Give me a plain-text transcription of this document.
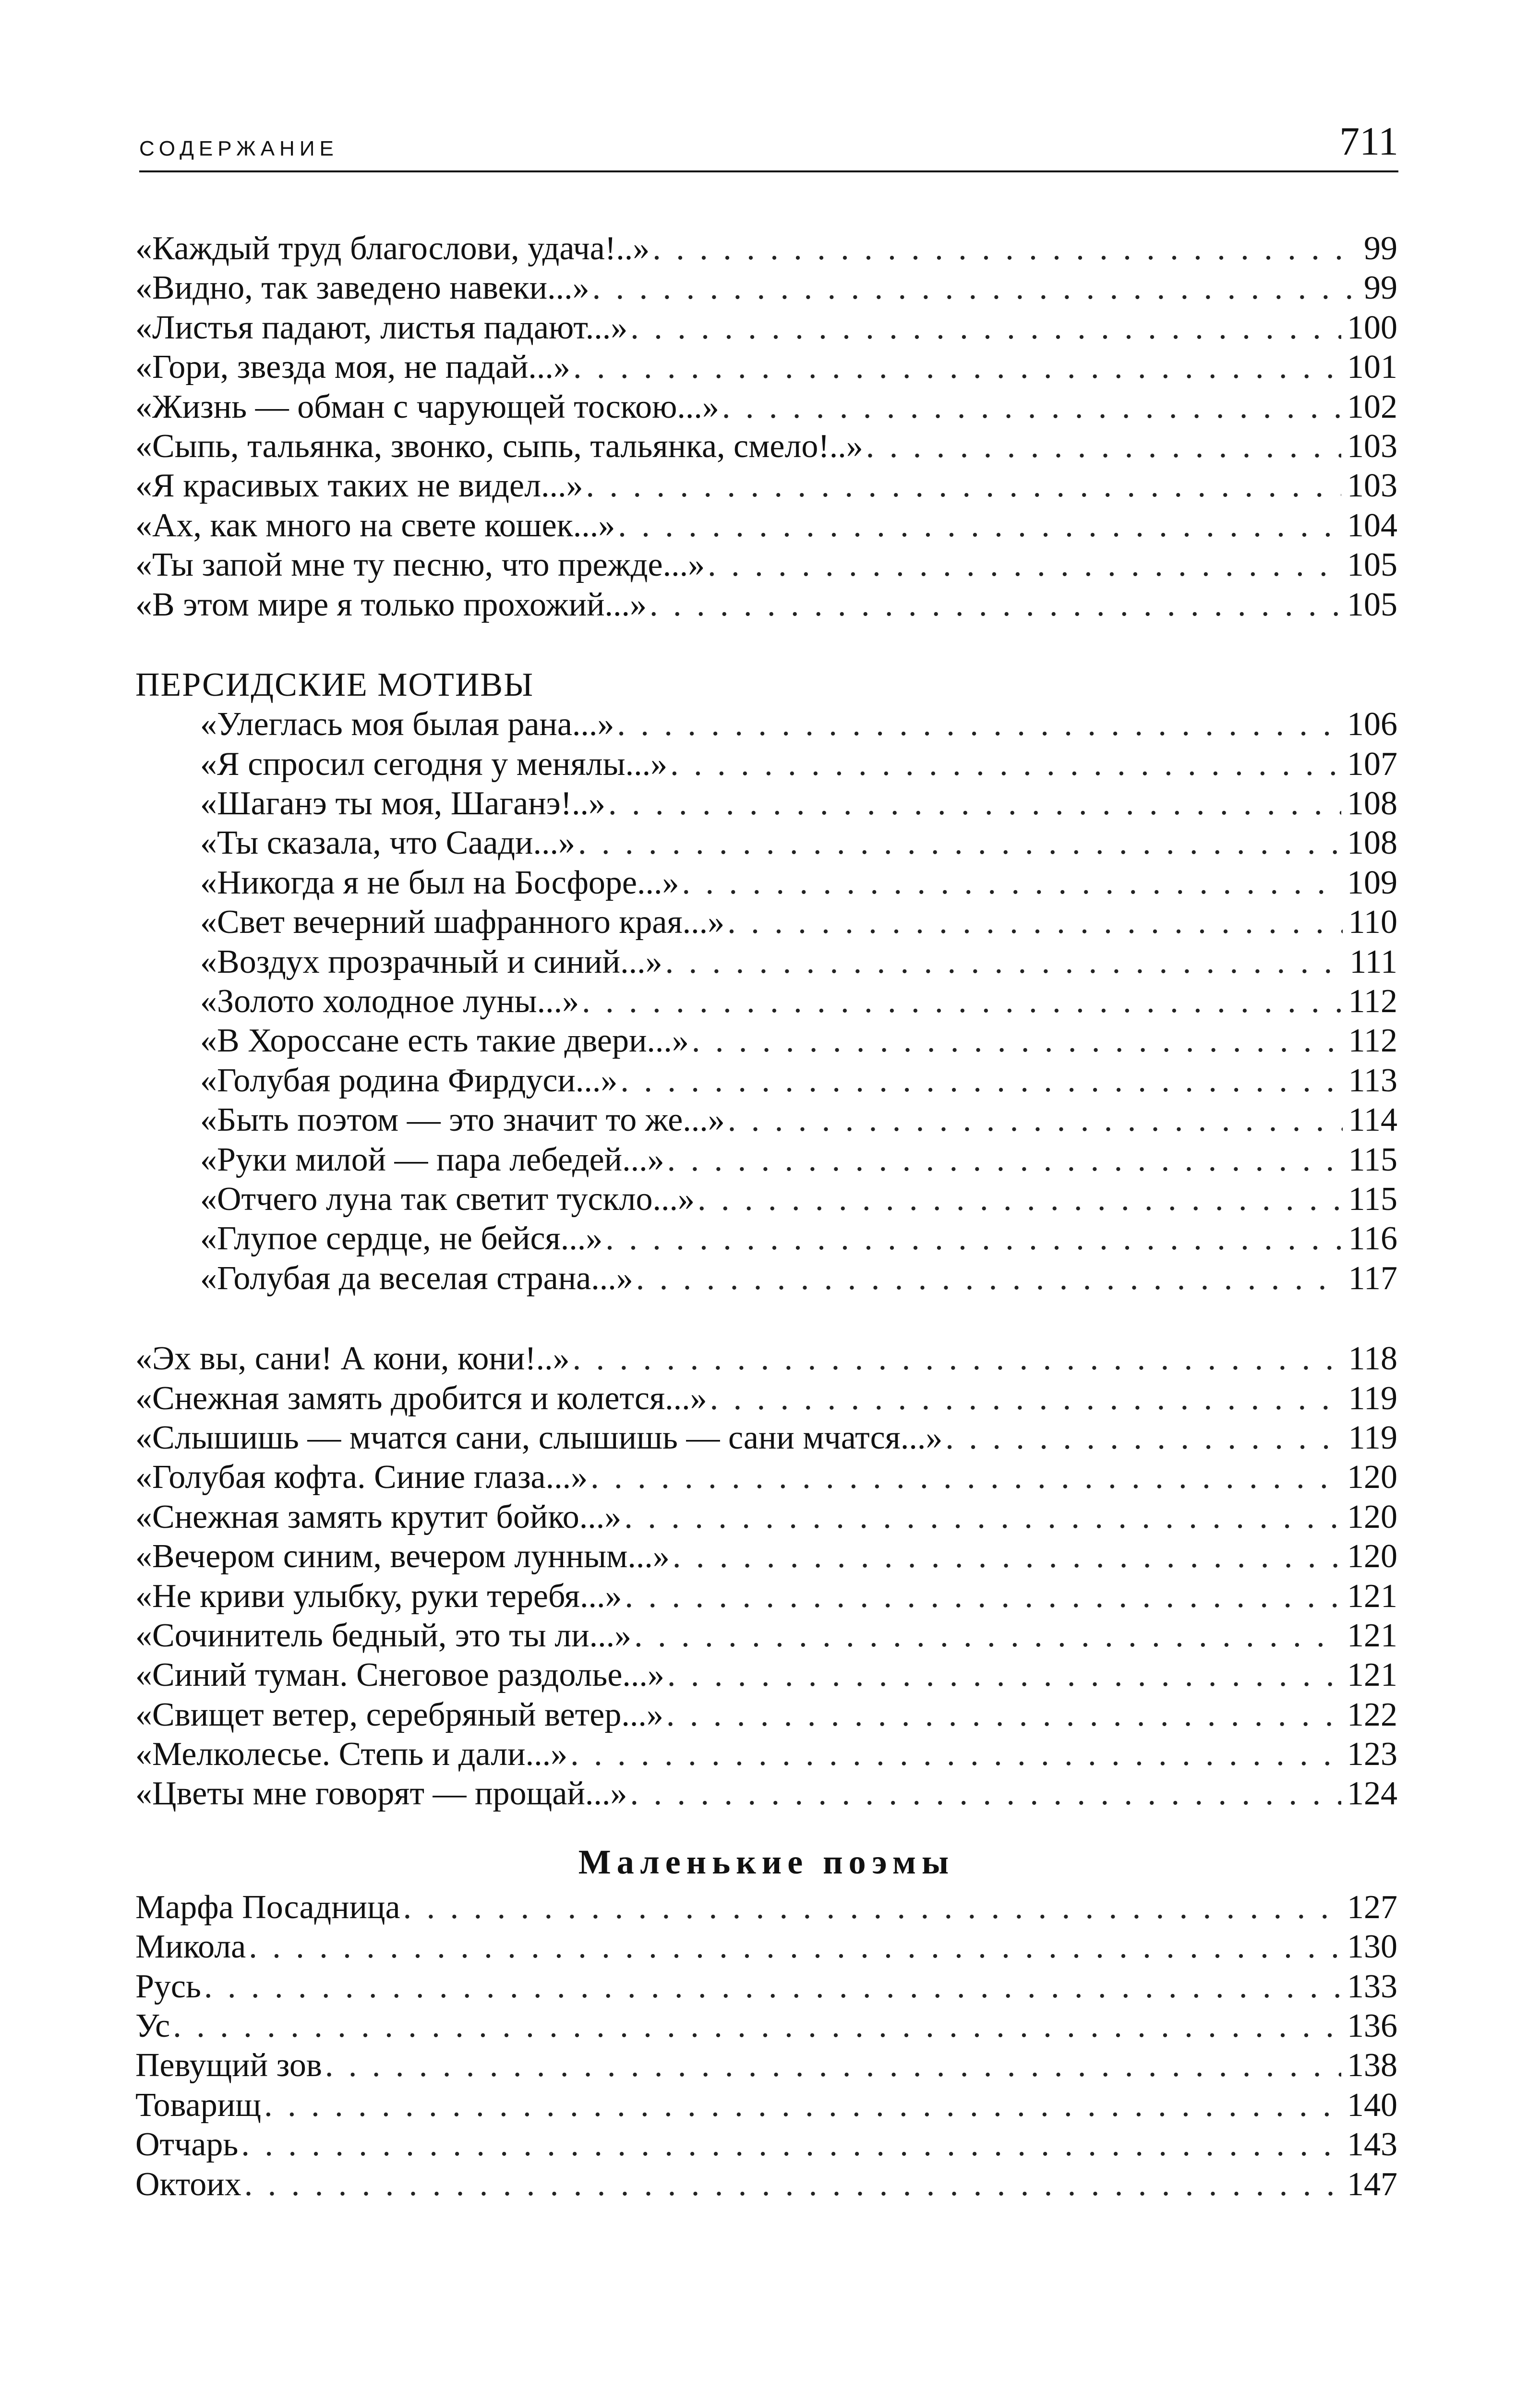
СОДЕРЖАНИЕ	711
«Каждый труд благослови, удача!..» . . .	99
«Видно, так заведено навеки...» . . .	99
«Листья падают, листья падают...» . . .	100
«Гори, звезда моя, не падай...» . . .	101
«Жизнь — обман с чарующей тоскою...» . . .	102
«Сыпь, тальянка, звонко, сыпь, тальянка, смело!..» . . .	103
«Я красивых таких не видел...» . . .	103
«Ах, как много на свете кошек...» . . .	104
«Ты запой мне ту песню, что прежде...» . . .	105
«В этом мире я только прохожий...» . . .	105
ПЕРСИДСКИЕ МОТИВЫ
«Улеглась моя былая рана...» . . .	106
«Я спросил сегодня у менялы...» . . .	107
«Шаганэ ты моя, Шаганэ!..» . . .	108
«Ты сказала, что Саади...» . . .	108
«Никогда я не был на Босфоре...» . . .	109
«Свет вечерний шафранного края...» . . .	110
«Воздух прозрачный и синий...» . . .	111
«Золото холодное луны...» . . .	112
«В Хороссане есть такие двери...» . . .	112
«Голубая родина Фирдуси...» . . .	113
«Быть поэтом — это значит то же...» . . .	114
«Руки милой — пара лебедей...» . . .	115
«Отчего луна так светит тускло...» . . .	115
«Глупое сердце, не бейся...» . . .	116
«Голубая да веселая страна...» . . .	117
«Эх вы, сани! А кони, кони!..» . . .	118
«Снежная замять дробится и колется...» . . .	119
«Слышишь — мчатся сани, слышишь — сани мчатся...» . . .	119
«Голубая кофта. Синие глаза...» . . .	120
«Снежная замять крутит бойко...» . . .	120
«Вечером синим, вечером лунным...» . . .	120
«Не криви улыбку, руки теребя...» . . .	121
«Сочинитель бедный, это ты ли...» . . .	121
«Синий туман. Снеговое раздолье...» . . .	121
«Свищет ветер, серебряный ветер...» . . .	122
«Мелколесье. Степь и дали...» . . .	123
«Цветы мне говорят — прощай...» . . .	124
Маленькие поэмы
Марфа Посадница . . .	127
Микола . . .	130
Русь . . .	133
Ус . . .	136
Певущий зов . . .	138
Товарищ . . .	140
Отчарь . . .	143
Октоих . . .	147
